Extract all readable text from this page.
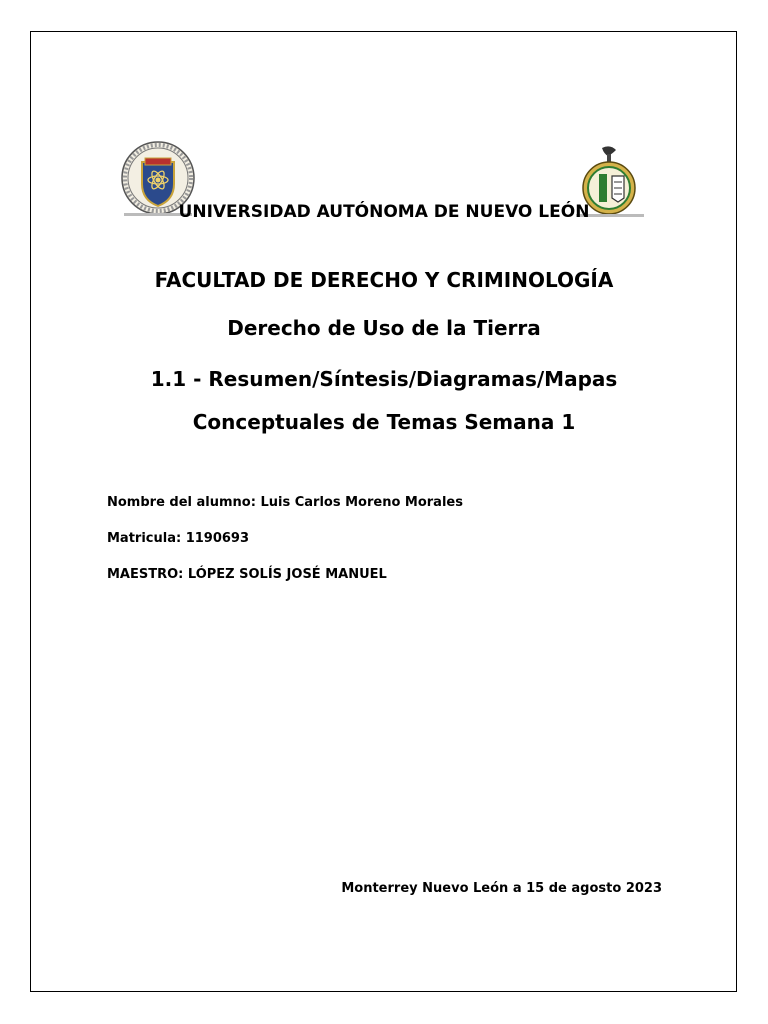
UNIVERSIDAD AUTÓNOMA DE NUEVO LEÓN
FACULTAD DE DERECHO Y CRIMINOLOGÍA
Derecho de Uso de la Tierra
1.1 - Resumen/Síntesis/Diagramas/Mapas
Conceptuales de Temas Semana 1
Nombre del alumno: Luis Carlos Moreno Morales
Matricula: 1190693
MAESTRO: LÓPEZ SOLÍS JOSÉ MANUEL
Monterrey Nuevo León a 15 de agosto 2023
